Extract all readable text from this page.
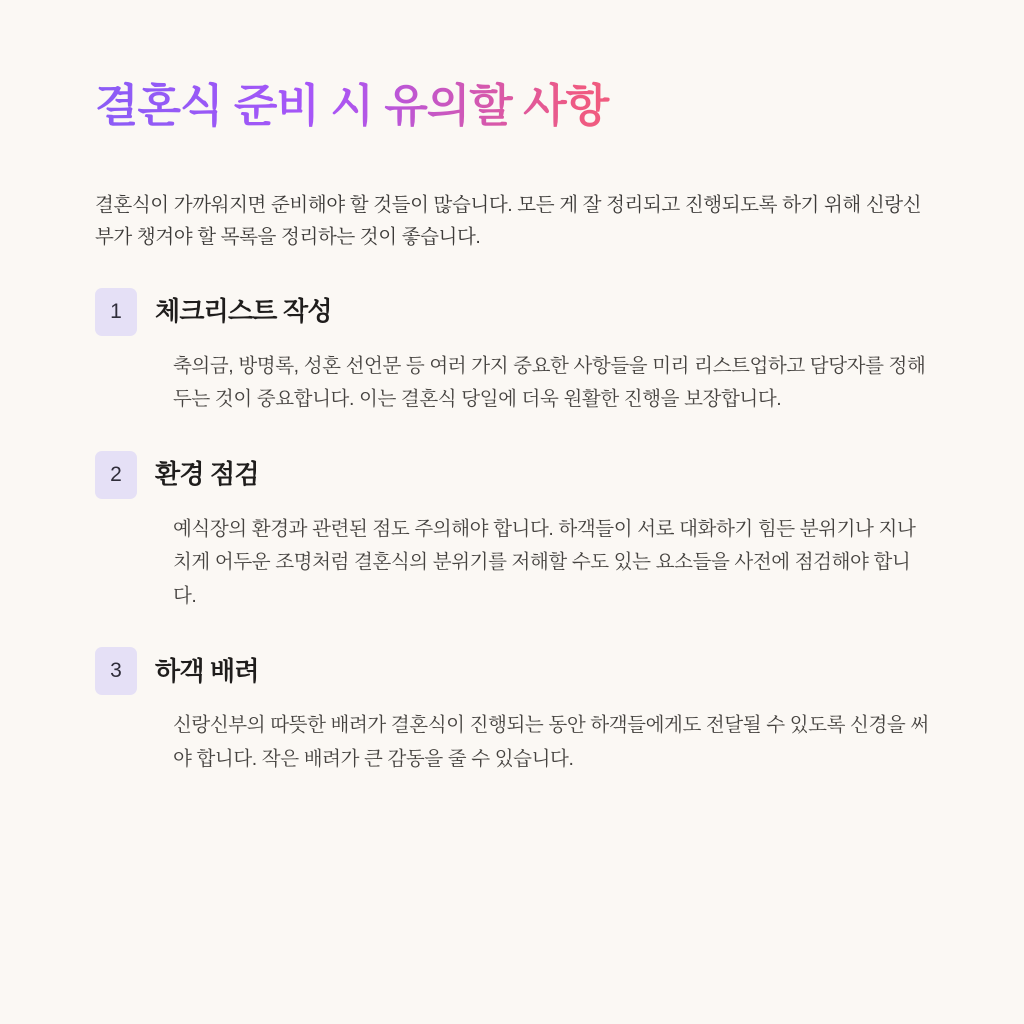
결혼식 준비 시 유의할 사항

결혼식이 가까워지면 준비해야 할 것들이 많습니다. 모든 게 잘 정리되고 진행되도록 하기 위해 신랑신부가 챙겨야 할 목록을 정리하는 것이 좋습니다.

1	체크리스트 작성
축의금, 방명록, 성혼 선언문 등 여러 가지 중요한 사항들을 미리 리스트업하고 담당자를 정해두는 것이 중요합니다. 이는 결혼식 당일에 더욱 원활한 진행을 보장합니다.
2	환경 점검
예식장의 환경과 관련된 점도 주의해야 합니다. 하객들이 서로 대화하기 힘든 분위기나 지나치게 어두운 조명처럼 결혼식의 분위기를 저해할 수도 있는 요소들을 사전에 점검해야 합니다.
3	하객 배려
신랑신부의 따뜻한 배려가 결혼식이 진행되는 동안 하객들에게도 전달될 수 있도록 신경을 써야 합니다. 작은 배려가 큰 감동을 줄 수 있습니다.
